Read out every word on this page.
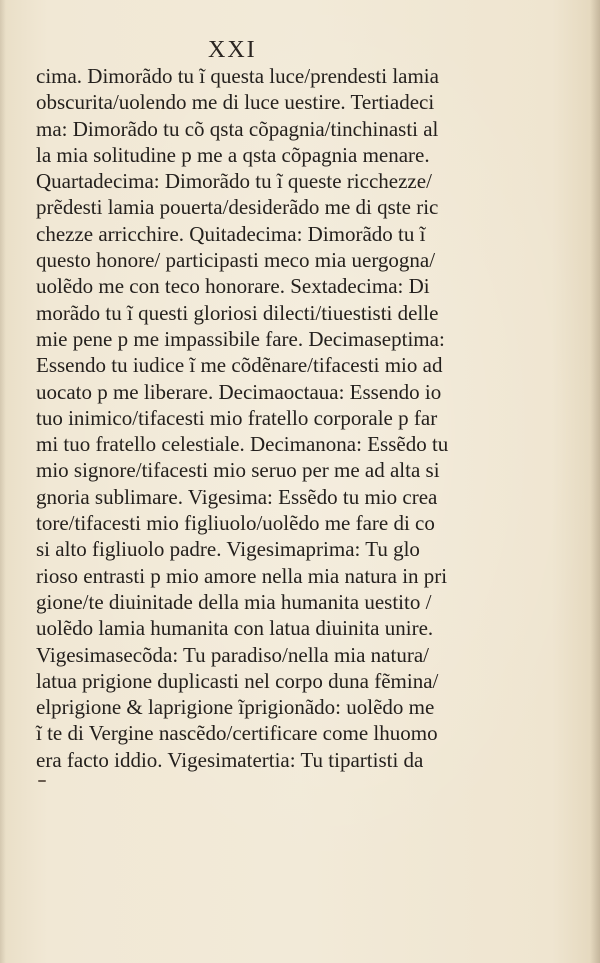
XXI
cima. Dimorãdo tu ĩ questa luce/prendesti lamia
obscurita/uolendo me di luce uestire. Tertiadeci
ma: Dimorãdo tu cõ qsta cõpagnia/tinchinasti al
la mia solitudine p me a qsta cõpagnia menare.
Quartadecima: Dimorãdo tu ĩ queste ricchezze/
prẽdesti lamia pouerta/desiderãdo me di qste ric
chezze arricchire. Quitadecima: Dimorãdo tu ĩ
questo honore/ participasti meco mia uergogna/
uolẽdo me con teco honorare. Sextadecima: Di
morãdo tu ĩ questi gloriosi dilecti/tiuestisti delle
mie pene p me impassibile fare. Decimaseptima:
Essendo tu iudice ĩ me cõdẽnare/tifacesti mio ad
uocato p me liberare. Decimaoctaua: Essendo io
tuo inimico/tifacesti mio fratello corporale p far
mi tuo fratello celestiale. Decimanona: Essẽdo tu
mio signore/tifacesti mio seruo per me ad alta si
gnoria sublimare. Vigesima: Essẽdo tu mio crea
tore/tifacesti mio figliuolo/uolẽdo me fare di co
si alto figliuolo padre. Vigesimaprima: Tu glo
rioso entrasti p mio amore nella mia natura in pri
gione/te diuinitade della mia humanita uestito /
uolẽdo lamia humanita con latua diuinita unire.
Vigesimasecõda: Tu paradiso/nella mia natura/
latua prigione duplicasti nel corpo duna fẽmina/
elprigione & laprigione ĩprigionãdo: uolẽdo me
ĩ te di Vergine nascẽdo/certificare come lhuomo
era facto iddio. Vigesimatertia: Tu tipartisti da
